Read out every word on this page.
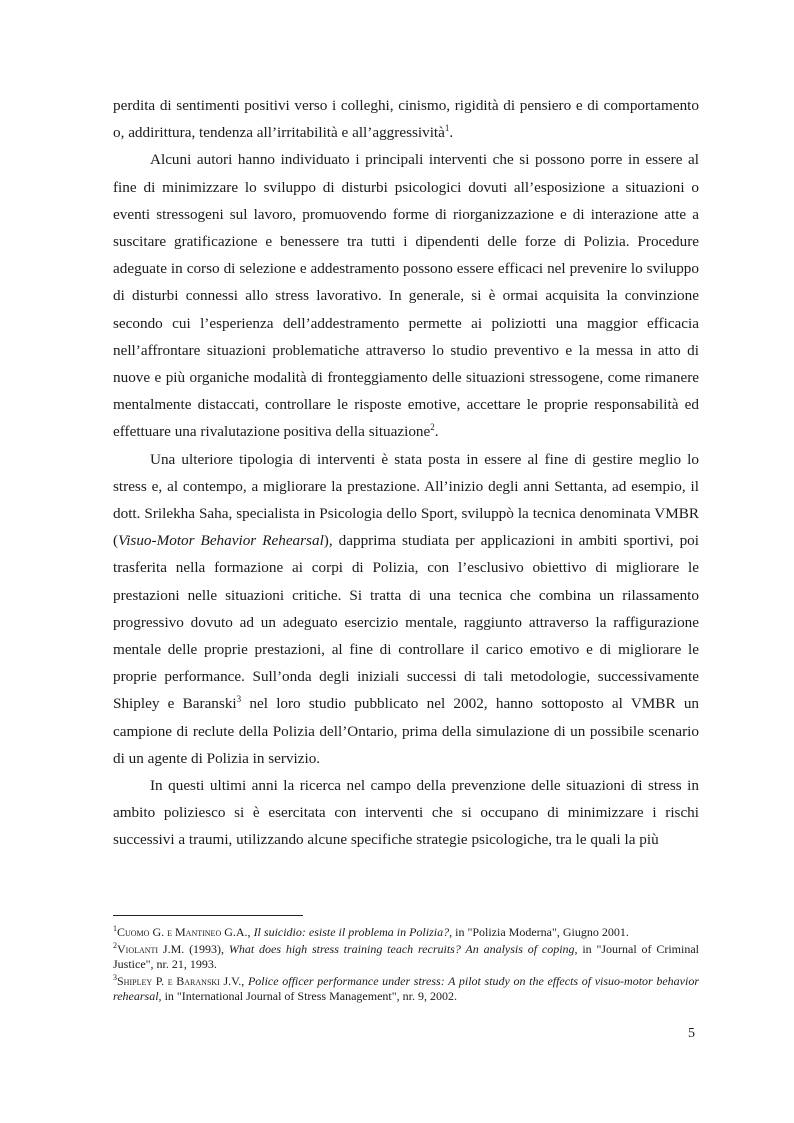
perdita di sentimenti positivi verso i colleghi, cinismo, rigidità di pensiero e di comportamento o, addirittura, tendenza all’irritabilità e all’aggressività$^1$.

Alcuni autori hanno individuato i principali interventi che si possono porre in essere al fine di minimizzare lo sviluppo di disturbi psicologici dovuti all’esposizione a situazioni o eventi stressogeni sul lavoro, promuovendo forme di riorganizzazione e di interazione atte a suscitare gratificazione e benessere tra tutti i dipendenti delle forze di Polizia. Procedure adeguate in corso di selezione e addestramento possono essere efficaci nel prevenire lo sviluppo di disturbi connessi allo stress lavorativo. In generale, si è ormai acquisita la convinzione secondo cui l’esperienza dell’addestramento permette ai poliziotti una maggior efficacia nell’affrontare situazioni problematiche attraverso lo studio preventivo e la messa in atto di nuove e più organiche modalità di fronteggiamento delle situazioni stressogene, come rimanere mentalmente distaccati, controllare le risposte emotive, accettare le proprie responsabilità ed effettuare una rivalutazione positiva della situazione$^2$.

Una ulteriore tipologia di interventi è stata posta in essere al fine di gestire meglio lo stress e, al contempo, a migliorare la prestazione. All’inizio degli anni Settanta, ad esempio, il dott. Srilekha Saha, specialista in Psicologia dello Sport, sviluppò la tecnica denominata VMBR (Visuo-Motor Behavior Rehearsal), dapprima studiata per applicazioni in ambiti sportivi, poi trasferita nella formazione ai corpi di Polizia, con l’esclusivo obiettivo di migliorare le prestazioni nelle situazioni critiche. Si tratta di una tecnica che combina un rilassamento progressivo dovuto ad un adeguato esercizio mentale, raggiunto attraverso la raffigurazione mentale delle proprie prestazioni, al fine di controllare il carico emotivo e di migliorare le proprie performance. Sull’onda degli iniziali successi di tali metodologie, successivamente Shipley e Baranski$^3$ nel loro studio pubblicato nel 2002, hanno sottoposto al VMBR un campione di reclute della Polizia dell’Ontario, prima della simulazione di un possibile scenario di un agente di Polizia in servizio.

In questi ultimi anni la ricerca nel campo della prevenzione delle situazioni di stress in ambito poliziesco si è esercitata con interventi che si occupano di minimizzare i rischi successivi a traumi, utilizzando alcune specifiche strategie psicologiche, tra le quali la più

$^1$Cuomo G. e Mantineo G.A., Il suicidio: esiste il problema in Polizia?, in "Polizia Moderna", Giugno 2001.

$^2$Violanti J.M. (1993), What does high stress training teach recruits? An analysis of coping, in "Journal of Criminal Justice", nr. 21, 1993.

$^3$Shipley P. e Baranski J.V., Police officer performance under stress: A pilot study on the effects of visuo-motor behavior rehearsal, in "International Journal of Stress Management", nr. 9, 2002.

5
